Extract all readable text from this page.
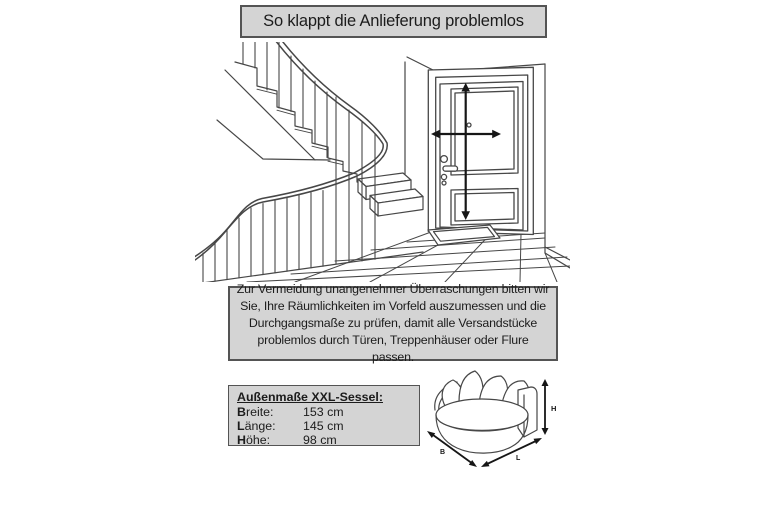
So klappt die Anlieferung problemlos

Zur Vermeidung unangenehmer Überraschungen bitten wir Sie, Ihre Räumlichkeiten im Vorfeld auszumessen und die Durchgangsmaße zu prüfen, damit alle Versandstücke problemlos durch Türen, Treppenhäuser oder Flure passen.

Außenmaße XXL-Sessel:
Breite:	153 cm
Länge:	145 cm
Höhe:	98 cm
H
B
L
